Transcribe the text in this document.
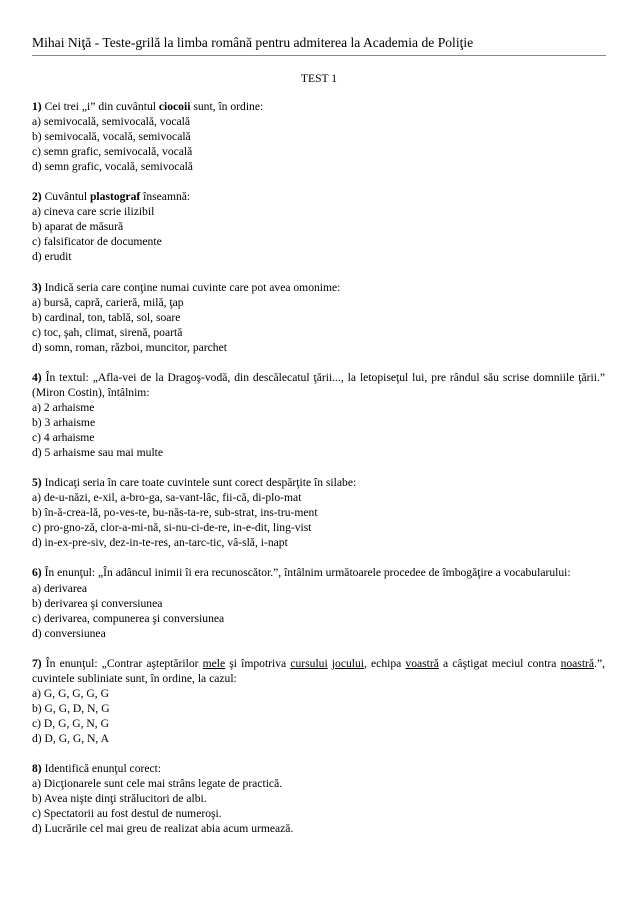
Mihai Niţă - Teste-grilă la limba română pentru admiterea la Academia de Poliţie
TEST 1
1) Cei trei „i” din cuvântul ciocoii sunt, în ordine:
a) semivocală, semivocală, vocală
b) semivocală, vocală, semivocală
c) semn grafic, semivocală, vocală
d) semn grafic, vocală, semivocală
2) Cuvântul plastograf înseamnă:
a) cineva care scrie ilizibil
b) aparat de măsură
c) falsificator de documente
d) erudit
3) Indică seria care conţine numai cuvinte care pot avea omonime:
a) bursă, capră, carieră, milă, ţap
b) cardinal, ton, tablă, sol, soare
c) toc, şah, climat, sirenă, poartă
d) somn, roman, război, muncitor, parchet
4) În textul: „Afla-vei de la Dragoş-vodă, din descălecatul ţării..., la letopiseţul lui, pre rândul său scrise domniile ţării.” (Miron Costin), întâlnim:
a) 2 arhaisme
b) 3 arhaisme
c) 4 arhaisme
d) 5 arhaisme sau mai multe
5) Indicaţi seria în care toate cuvintele sunt corect despărţite în silabe:
a) de-u-năzi, e-xil, a-bro-ga, sa-vant-lâc, fii-că, di-plo-mat
b) în-ă-crea-lă, po-ves-te, bu-năs-ta-re, sub-strat, ins-tru-ment
c) pro-gno-ză, clor-a-mi-nă, si-nu-ci-de-re, in-e-dit, ling-vist
d) in-ex-pre-siv, dez-in-te-res, an-tarc-tic, vâ-slă, i-napt
6) În enunţul: „În adâncul inimii îi era recunoscător.”, întâlnim următoarele procedee de îmbogăţire a vocabularului:
a) derivarea
b) derivarea şi conversiunea
c) derivarea, compunerea şi conversiunea
d) conversiunea
7) În enunţul: „Contrar aşteptărilor mele şi împotriva cursului jocului, echipa voastră a câştigat meciul contra noastră.”, cuvintele subliniate sunt, în ordine, la cazul:
a) G, G, G, G, G
b) G, G, D, N, G
c) D, G, G, N, G
d) D, G, G, N, A
8) Identifică enunţul corect:
a) Dicţionarele sunt cele mai strâns legate de practică.
b) Avea nişte dinţi strălucitori de albi.
c) Spectatorii au fost destul de numeroşi.
d) Lucrările cel mai greu de realizat abia acum urmează.
